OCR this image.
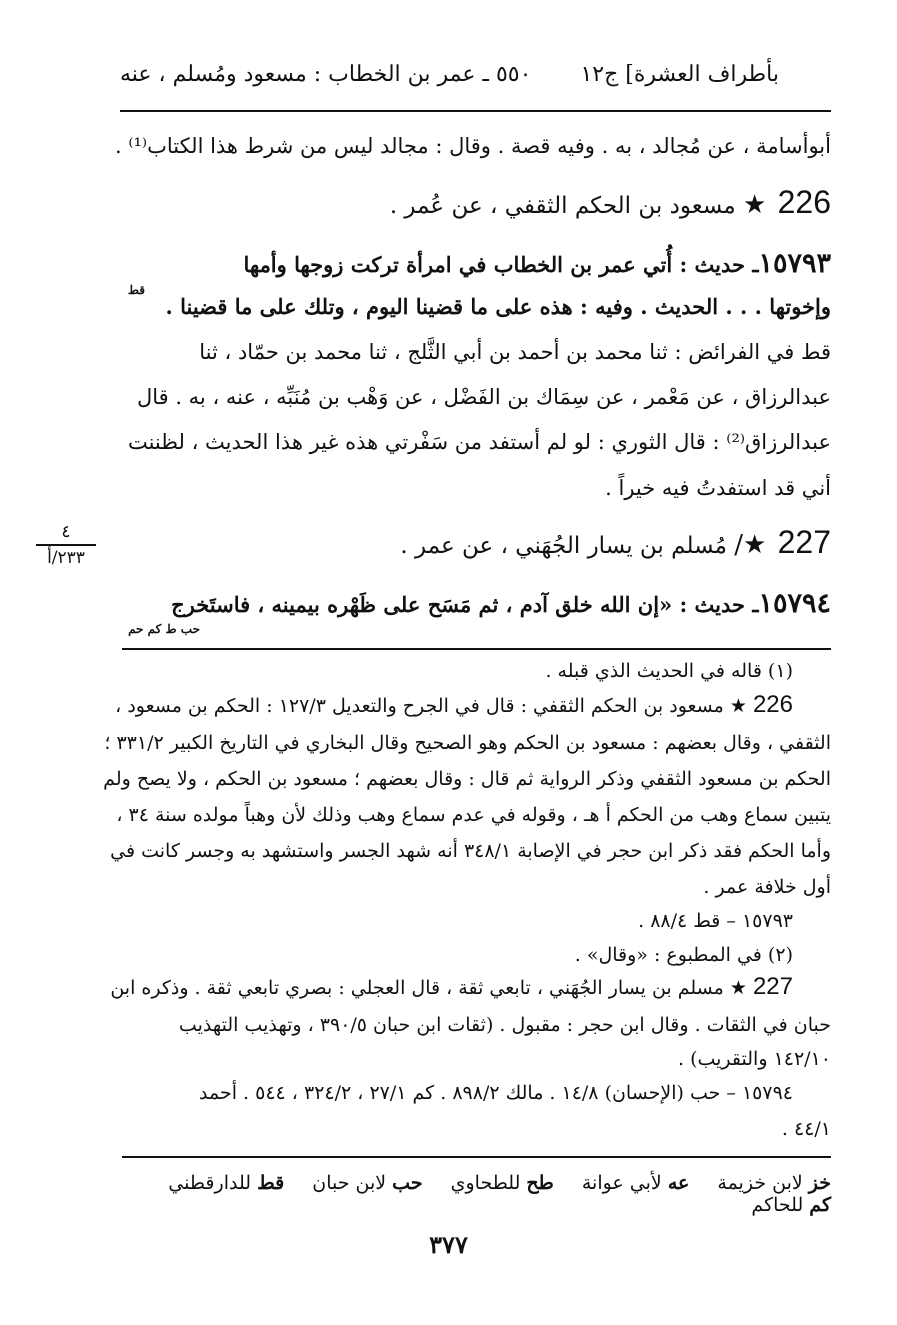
بأطراف العشرة] ج١٢
٥٥٠ ـ عمر بن الخطاب : مسعود ومُسلم ، عنه
أبوأسامة ، عن مُجالد ، به . وفيه قصة . وقال : مجالد ليس من شرط هذا الكتاب⁽¹⁾ .
226 ★ مسعود بن الحكم الثقفي ، عن عُمر .
١٥٧٩٣ـ حديث : أُتي عمر بن الخطاب في امرأة تركت زوجها وأمها
قط
وإخوتها . . . الحديث . وفيه : هذه على ما قضينا اليوم ، وتلك على ما قضينا .
قط في الفرائض : ثنا محمد بن أحمد بن أبي الثَّلج ، ثنا محمد بن حمّاد ، ثنا
عبدالرزاق ، عن مَعْمر ، عن سِمَاك بن الفَضْل ، عن وَهْب بن مُنَبِّه ، عنه ، به . قال
عبدالرزاق⁽²⁾ : قال الثوري : لو لم أستفد من سَفْرتي هذه غير هذا الحديث ، لظننت
أني قد استفدتُ فيه خيراً .
٤
٢٣٣/أ	227 ★/ مُسلم بن يسار الجُهَني ، عن عمر .
١٥٧٩٤ـ حديث : «إن الله خلق آدم ، ثم مَسَح على ظَهْره بيمينه ، فاستَخرج
حب ط كم حم
(١) قاله في الحديث الذي قبله .
226 ★ مسعود بن الحكم الثقفي : قال في الجرح والتعديل ١٢٧/٣ : الحكم بن مسعود ،
الثقفي ، وقال بعضهم : مسعود بن الحكم وهو الصحيح وقال البخاري في التاريخ الكبير ٣٣١/٢ ؛
الحكم بن مسعود الثقفي وذكر الرواية ثم قال : وقال بعضهم ؛ مسعود بن الحكم ، ولا يصح ولم
يتبين سماع وهب من الحكم أ هـ ، وقوله في عدم سماع وهب وذلك لأن وهباً مولده سنة ٣٤ ،
وأما الحكم فقد ذكر ابن حجر في الإصابة ٣٤٨/١ أنه شهد الجسر واستشهد به وجسر كانت في
أول خلافة عمر .
١٥٧٩٣ – قط ٨٨/٤ .
(٢) في المطبوع : «وقال» .
227 ★ مسلم بن يسار الجُهَني ، تابعي ثقة ، قال العجلي : بصري تابعي ثقة . وذكره ابن
حبان في الثقات . وقال ابن حجر : مقبول . (ثقات ابن حبان ٣٩٠/٥ ، وتهذيب التهذيب
١٤٢/١٠ والتقريب) .
١٥٧٩٤ – حب (الإحسان) ١٤/٨ . مالك ٨٩٨/٢ . كم ٢٧/١ ، ٣٢٤/٢ ، ٥٤٤ . أحمد
٤٤/١ .
خز لابن خزيمة عه لأبي عوانة طح للطحاوي حب لابن حبان قط للدارقطني كم للحاكم
٣٧٧
